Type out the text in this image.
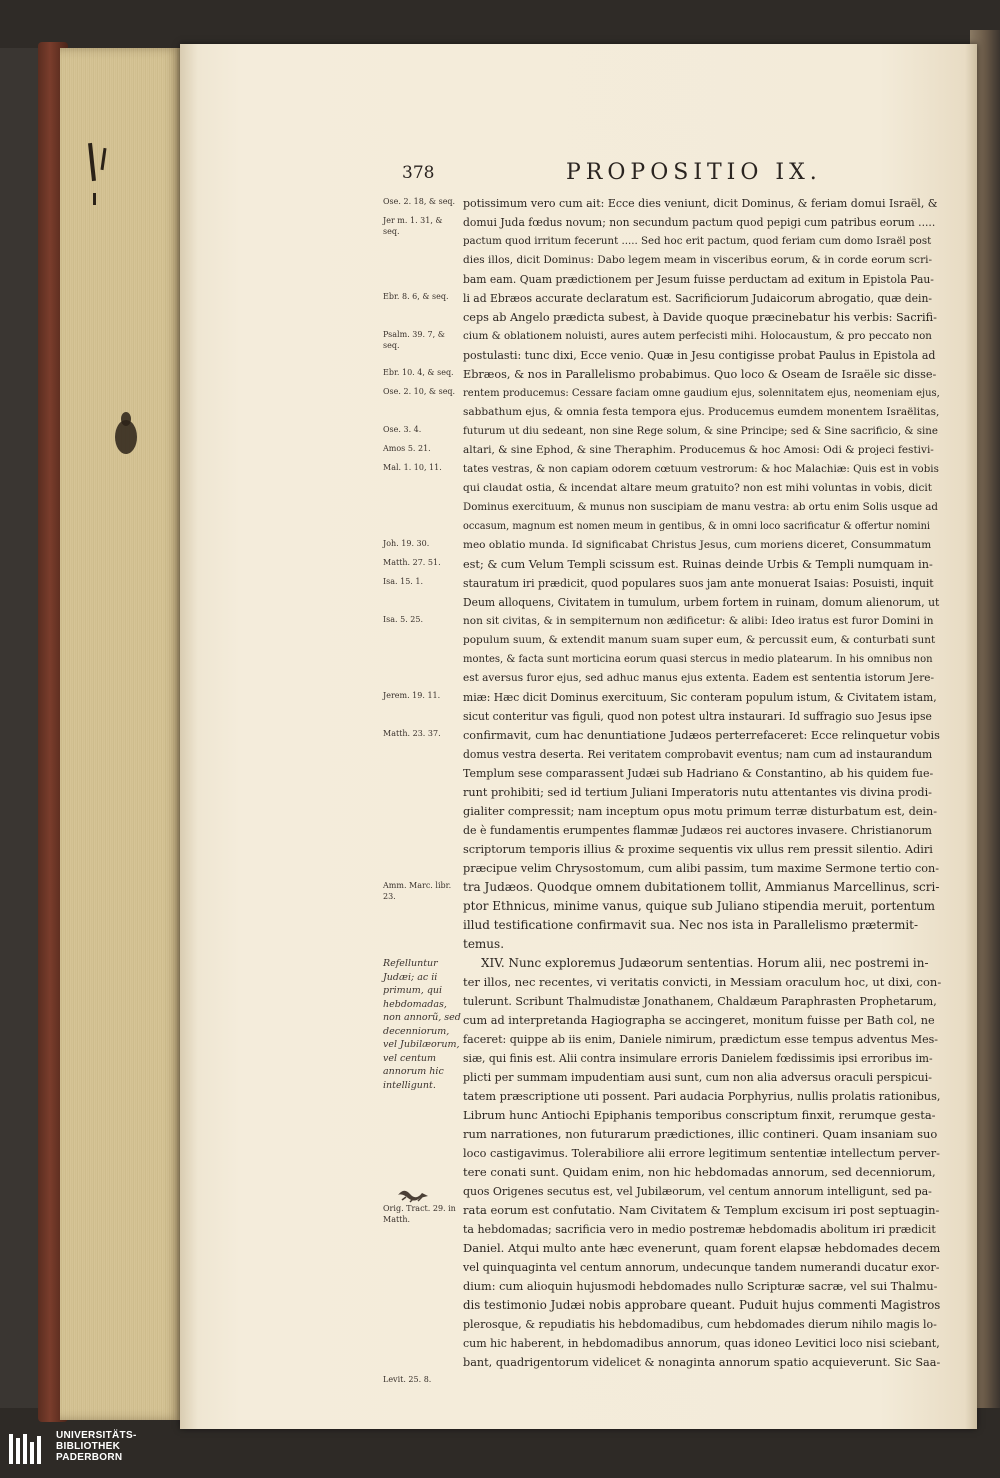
378	PROPOSITIO IX.
Ose. 2. 18, & seq.
Jer m. 1. 31, & seq.
Ebr. 8. 6, & seq.
Psalm. 39. 7, & seq.
Ebr. 10. 4, & seq.
Ose. 2. 10, & seq.
Ose. 3. 4.
Amos 5. 21.
Mal. 1. 10, 11.
Joh. 19. 30.
Matth. 27. 51.
Isa. 15. 1.
Isa. 5. 25.
Jerem. 19. 11.
Matth. 23. 37.
Amm. Marc. libr. 23.
Refelluntur Judæi; ac ii primum, qui hebdomadas, non annorũ, sed decenniorum, vel Jubilæorum, vel centum annorum hic intelligunt.
Orig. Tract. 29. in Matth.
Levit. 25. 8.
potissimum vero cum ait: Ecce dies veniunt, dicit Dominus, & feriam domui Israël, &
domui Juda fœdus novum; non secundum pactum quod pepigi cum patribus eorum .....
pactum quod irritum fecerunt ..... Sed hoc erit pactum, quod feriam cum domo Israël post
dies illos, dicit Dominus: Dabo legem meam in visceribus eorum, & in corde eorum scri-
bam eam. Quam prædictionem per Jesum fuisse perductam ad exitum in Epistola Pau-
li ad Ebræos accurate declaratum est. Sacrificiorum Judaicorum abrogatio, quæ dein-
ceps ab Angelo prædicta subest, à Davide quoque præcinebatur his verbis: Sacrifi-
cium & oblationem noluisti, aures autem perfecisti mihi. Holocaustum, & pro peccato non
postulasti: tunc dixi, Ecce venio. Quæ in Jesu contigisse probat Paulus in Epistola ad
Ebræos, & nos in Parallelismo probabimus. Quo loco & Oseam de Israële sic disse-
rentem producemus: Cessare faciam omne gaudium ejus, solennitatem ejus, neomeniam ejus,
sabbathum ejus, & omnia festa tempora ejus. Producemus eumdem monentem Israëlitas,
futurum ut diu sedeant, non sine Rege solum, & sine Principe; sed & Sine sacrificio, & sine
altari, & sine Ephod, & sine Theraphim. Producemus & hoc Amosi: Odi & projeci festivi-
tates vestras, & non capiam odorem cœtuum vestrorum: & hoc Malachiæ: Quis est in vobis
qui claudat ostia, & incendat altare meum gratuito? non est mihi voluntas in vobis, dicit
Dominus exercituum, & munus non suscipiam de manu vestra: ab ortu enim Solis usque ad
occasum, magnum est nomen meum in gentibus, & in omni loco sacrificatur & offertur nomini
meo oblatio munda. Id significabat Christus Jesus, cum moriens diceret, Consummatum
est; & cum Velum Templi scissum est. Ruinas deinde Urbis & Templi numquam in-
stauratum iri prædicit, quod populares suos jam ante monuerat Isaias: Posuisti, inquit
Deum alloquens, Civitatem in tumulum, urbem fortem in ruinam, domum alienorum, ut
non sit civitas, & in sempiternum non ædificetur: & alibi: Ideo iratus est furor Domini in
populum suum, & extendit manum suam super eum, & percussit eum, & conturbati sunt
montes, & facta sunt morticina eorum quasi stercus in medio platearum. In his omnibus non
est aversus furor ejus, sed adhuc manus ejus extenta. Eadem est sententia istorum Jere-
miæ: Hæc dicit Dominus exercituum, Sic conteram populum istum, & Civitatem istam,
sicut conteritur vas figuli, quod non potest ultra instaurari. Id suffragio suo Jesus ipse
confirmavit, cum hac denuntiatione Judæos perterrefaceret: Ecce relinquetur vobis
domus vestra deserta. Rei veritatem comprobavit eventus; nam cum ad instaurandum
Templum sese comparassent Judæi sub Hadriano & Constantino, ab his quidem fue-
runt prohibiti; sed id tertium Juliani Imperatoris nutu attentantes vis divina prodi-
gialiter compressit; nam inceptum opus motu primum terræ disturbatum est, dein-
de è fundamentis erumpentes flammæ Judæos rei auctores invasere. Christianorum
scriptorum temporis illius & proxime sequentis vix ullus rem pressit silentio. Adiri
præcipue velim Chrysostomum, cum alibi passim, tum maxime Sermone tertio con-
tra Judæos. Quodque omnem dubitationem tollit, Ammianus Marcellinus, scri-
ptor Ethnicus, minime vanus, quique sub Juliano stipendia meruit, portentum
illud testificatione confirmavit sua. Nec nos ista in Parallelismo prætermit-
temus.
XIV. Nunc exploremus Judæorum sententias. Horum alii, nec postremi in-
ter illos, nec recentes, vi veritatis convicti, in Messiam oraculum hoc, ut dixi, con-
tulerunt. Scribunt Thalmudistæ Jonathanem, Chaldæum Paraphrasten Prophetarum,
cum ad interpretanda Hagiographa se accingeret, monitum fuisse per Bath col, ne
faceret: quippe ab iis enim, Daniele nimirum, prædictum esse tempus adventus Mes-
siæ, qui finis est. Alii contra insimulare erroris Danielem fœdissimis ipsi erroribus im-
plicti per summam impudentiam ausi sunt, cum non alia adversus oraculi perspicui-
tatem præscriptione uti possent. Pari audacia Porphyrius, nullis prolatis rationibus,
Librum hunc Antiochi Epiphanis temporibus conscriptum finxit, rerumque gesta-
rum narrationes, non futurarum prædictiones, illic contineri. Quam insaniam suo
loco castigavimus. Tolerabiliore alii errore legitimum sententiæ intellectum perver-
tere conati sunt. Quidam enim, non hic hebdomadas annorum, sed decenniorum,
quos Origenes secutus est, vel Jubilæorum, vel centum annorum intelligunt, sed pa-
rata eorum est confutatio. Nam Civitatem & Templum excisum iri post septuagin-
ta hebdomadas; sacrificia vero in medio postremæ hebdomadis abolitum iri prædicit
Daniel. Atqui multo ante hæc evenerunt, quam forent elapsæ hebdomades decem
vel quinquaginta vel centum annorum, undecunque tandem numerandi ducatur exor-
dium: cum alioquin hujusmodi hebdomades nullo Scripturæ sacræ, vel sui Thalmu-
dis testimonio Judæi nobis approbare queant. Puduit hujus commenti Magistros
plerosque, & repudiatis his hebdomadibus, cum hebdomades dierum nihilo magis lo-
cum hic haberent, in hebdomadibus annorum, quas idoneo Levitici loco nisi sciebant,
bant, quadrigentorum videlicet & nonaginta annorum spatio acquieverunt. Sic Saa-
UNIVERSITÄTS-
BIBLIOTHEK
PADERBORN
